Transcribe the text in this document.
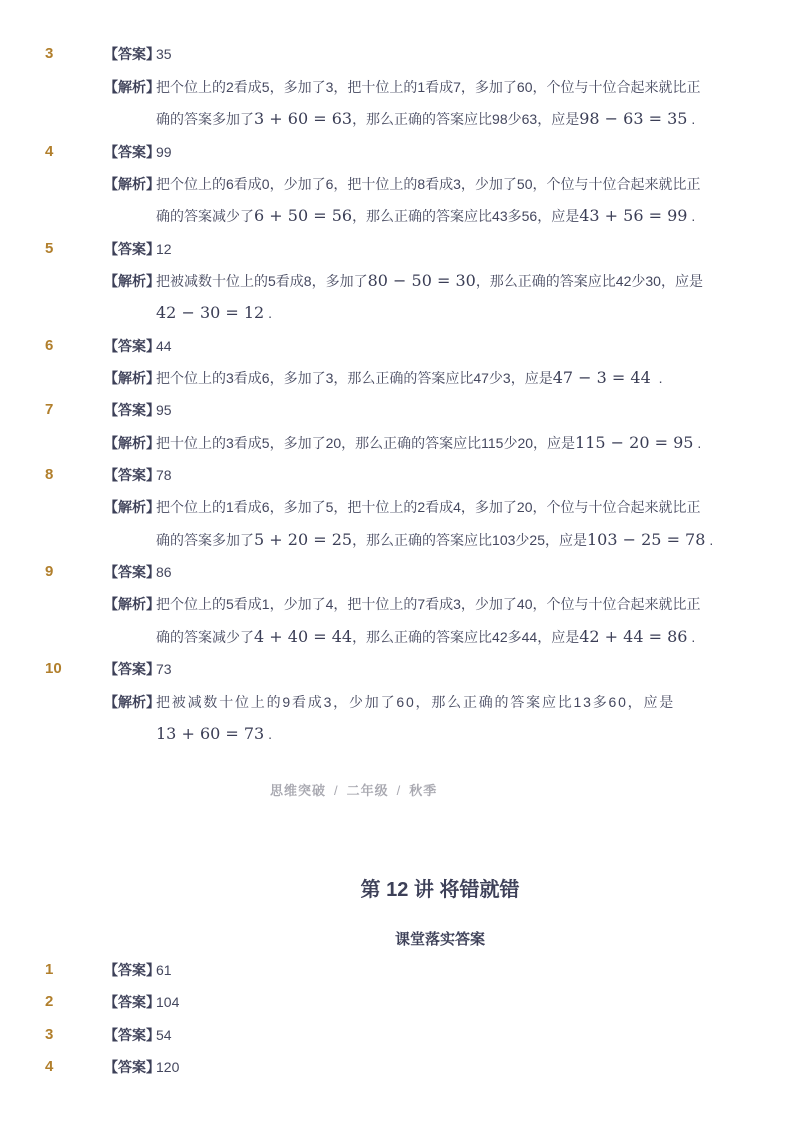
3	【答案】
35
【解析】
把个位上的2看成5，多加了3，把十位上的1看成7，多加了60，个位与十位合起来就比正
确的答案多加了3 + 60 = 63，那么正确的答案应比98少63，应是98 − 63 = 35 .
4	【答案】
99
【解析】
把个位上的6看成0，少加了6，把十位上的8看成3，少加了50，个位与十位合起来就比正
确的答案减少了6 + 50 = 56，那么正确的答案应比43多56，应是43 + 56 = 99 .
5	【答案】
12
【解析】
把被减数十位上的5看成8，多加了80 − 50 = 30，那么正确的答案应比42少30，应是
42 − 30 = 12 .
6	【答案】
44
【解析】
把个位上的3看成6，多加了3，那么正确的答案应比47少3，应是47 − 3 = 44 .
7	【答案】
95
【解析】
把十位上的3看成5，多加了20，那么正确的答案应比115少20，应是115 − 20 = 95 .
8	【答案】
78
【解析】
把个位上的1看成6，多加了5，把十位上的2看成4，多加了20，个位与十位合起来就比正
确的答案多加了5 + 20 = 25，那么正确的答案应比103少25，应是103 − 25 = 78 .
9	【答案】
86
【解析】
把个位上的5看成1，少加了4，把十位上的7看成3，少加了40，个位与十位合起来就比正
确的答案减少了4 + 40 = 44，那么正确的答案应比42多44，应是42 + 44 = 86 .
10	【答案】
73
【解析】
把被减数十位上的9看成3，少加了60，那么正确的答案应比13多60，应是
13 + 60 = 73 .
思维突破 / 二年级 / 秋季
第 12 讲 将错就错
课堂落实答案
1	【答案】
61
2	【答案】
104
3	【答案】
54
4	【答案】
120
